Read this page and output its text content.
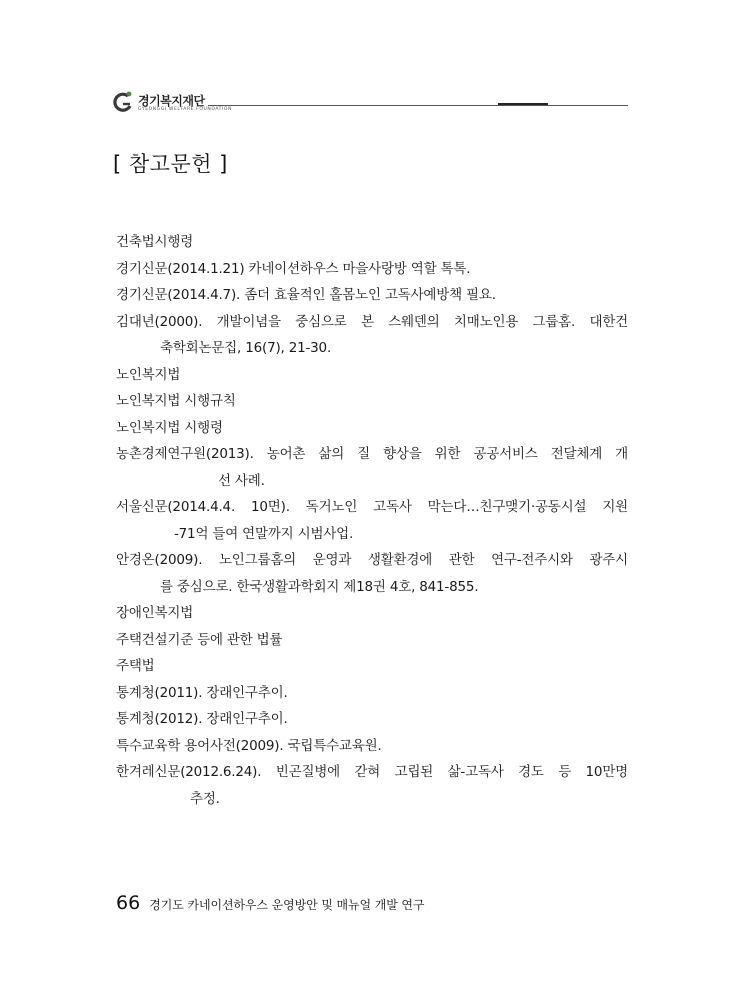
경기복지재단
GYEONGGI WELFARE FOUNDATION
[ 참고문헌 ]
건축법시행령
경기신문(2014.1.21) 카네이션하우스 마을사랑방 역할 톡톡.
경기신문(2014.4.7). 좀더 효율적인 홀몸노인 고독사예방책 필요.
김대년(2000). 개발이념을 중심으로 본 스웨덴의 치매노인용 그룹홈. 대한건
축학회논문집, 16(7), 21-30.
노인복지법
노인복지법 시행규칙
노인복지법 시행령
농촌경제연구원(2013). 농어촌 삶의 질 향상을 위한 공공서비스 전달체계 개
선 사례.
서울신문(2014.4.4. 10면). 독거노인 고독사 막는다…친구맺기·공동시설 지원
-71억 들여 연말까지 시범사업.
안경온(2009). 노인그룹홈의 운영과 생활환경에 관한 연구-전주시와 광주시
를 중심으로. 한국생활과학회지 제18권 4호, 841-855.
장애인복지법
주택건설기준 등에 관한 법률
주택법
통계청(2011). 장래인구추이.
통계청(2012). 장래인구추이.
특수교육학 용어사전(2009). 국립특수교육원.
한겨레신문(2012.6.24). 빈곤질병에 갇혀 고립된 삶-고독사 경도 등 10만명
추정.
66 경기도 카네이션하우스 운영방안 및 매뉴얼 개발 연구
